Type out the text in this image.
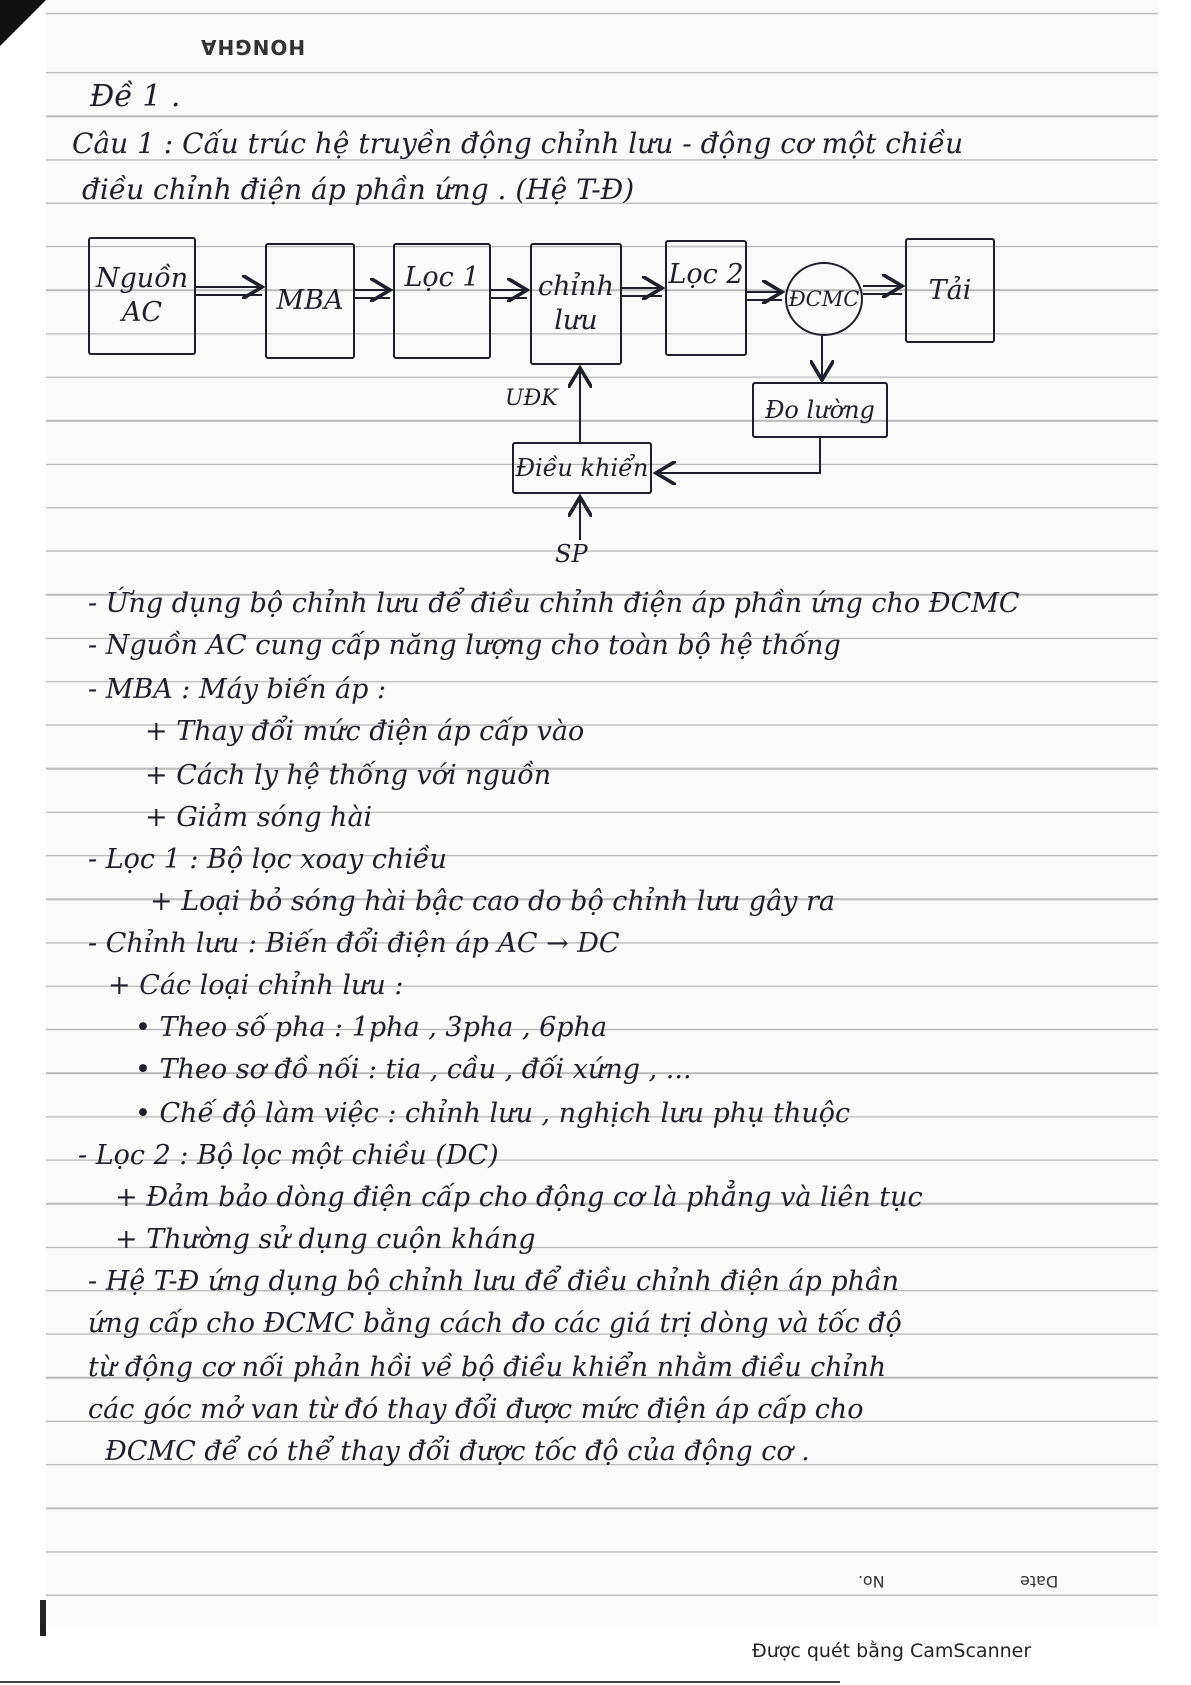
HONGHA
Đề 1 .
Câu 1 : Cấu trúc hệ truyền động chỉnh lưu - động cơ một chiều
điều chỉnh điện áp phần ứng . (Hệ T-Đ)
Nguồn
AC	MBA
Lọc 1	chỉnh
lưu
Lọc 2
ĐCMC	Tải
Đo lường
Điều khiển
UĐK
SP
- Ứng dụng bộ chỉnh lưu để điều chỉnh điện áp phần ứng cho ĐCMC
- Nguồn AC cung cấp năng lượng cho toàn bộ hệ thống
- MBA : Máy biến áp :
+ Thay đổi mức điện áp cấp vào
+ Cách ly hệ thống với nguồn
+ Giảm sóng hài
- Lọc 1 : Bộ lọc xoay chiều
+ Loại bỏ sóng hài bậc cao do bộ chỉnh lưu gây ra
- Chỉnh lưu : Biến đổi điện áp AC → DC
+ Các loại chỉnh lưu :
• Theo số pha : 1pha , 3pha , 6pha
• Theo sơ đồ nối : tia , cầu , đối xứng , ...
• Chế độ làm việc : chỉnh lưu , nghịch lưu phụ thuộc
- Lọc 2 : Bộ lọc một chiều (DC)
+ Đảm bảo dòng điện cấp cho động cơ là phẳng và liên tục
+ Thường sử dụng cuộn kháng
- Hệ T-Đ ứng dụng bộ chỉnh lưu để điều chỉnh điện áp phần
ứng cấp cho ĐCMC bằng cách đo các giá trị dòng và tốc độ
từ động cơ nối phản hồi về bộ điều khiển nhằm điều chỉnh
các góc mở van từ đó thay đổi được mức điện áp cấp cho
ĐCMC để có thể thay đổi được tốc độ của động cơ .
Date
No.
Được quét bằng CamScanner
